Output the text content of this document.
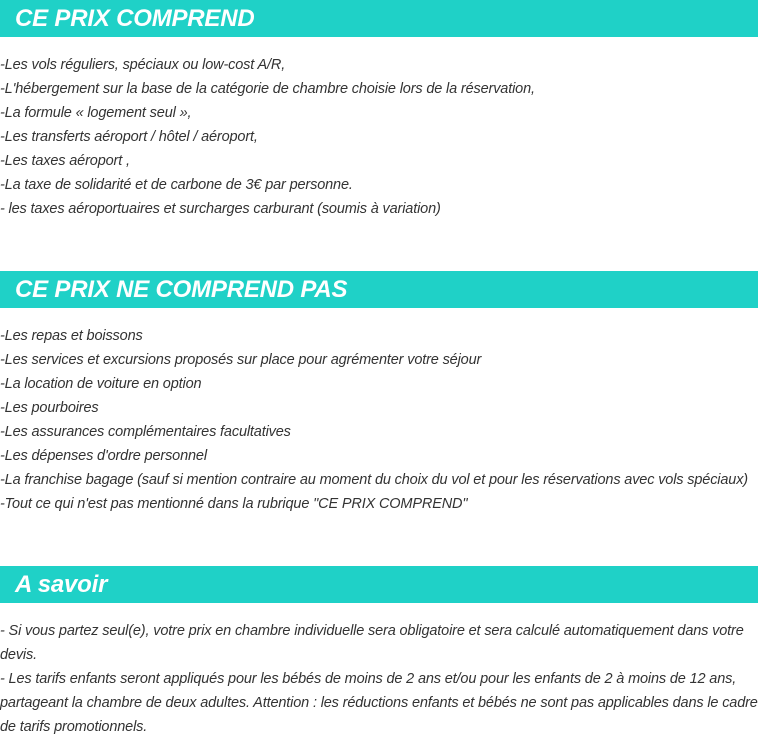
CE PRIX COMPREND
-Les vols réguliers, spéciaux ou low-cost A/R,
-L'hébergement sur la base de la catégorie de chambre choisie lors de la réservation,
-La formule « logement seul »,
-Les transferts aéroport / hôtel / aéroport,
-Les taxes aéroport ,
-La taxe de solidarité et de carbone de 3€ par personne.
- les taxes aéroportuaires et surcharges carburant (soumis à variation)
CE PRIX NE COMPREND PAS
-Les repas et boissons
-Les services et excursions proposés sur place pour agrémenter votre séjour
-La location de voiture en option
-Les pourboires
-Les assurances complémentaires facultatives
-Les dépenses d'ordre personnel
-La franchise bagage (sauf si mention contraire au moment du choix du vol et pour les réservations avec vols spéciaux)
-Tout ce qui n'est pas mentionné dans la rubrique "CE PRIX COMPREND"
A savoir

- Si vous partez seul(e), votre prix en chambre individuelle sera obligatoire et sera calculé automatiquement dans votre devis.

- Les tarifs enfants seront appliqués pour les bébés de moins de 2 ans et/ou pour les enfants de 2 à moins de 12 ans, partageant la chambre de deux adultes. Attention : les réductions enfants et bébés ne sont pas applicables dans le cadre de tarifs promotionnels.
